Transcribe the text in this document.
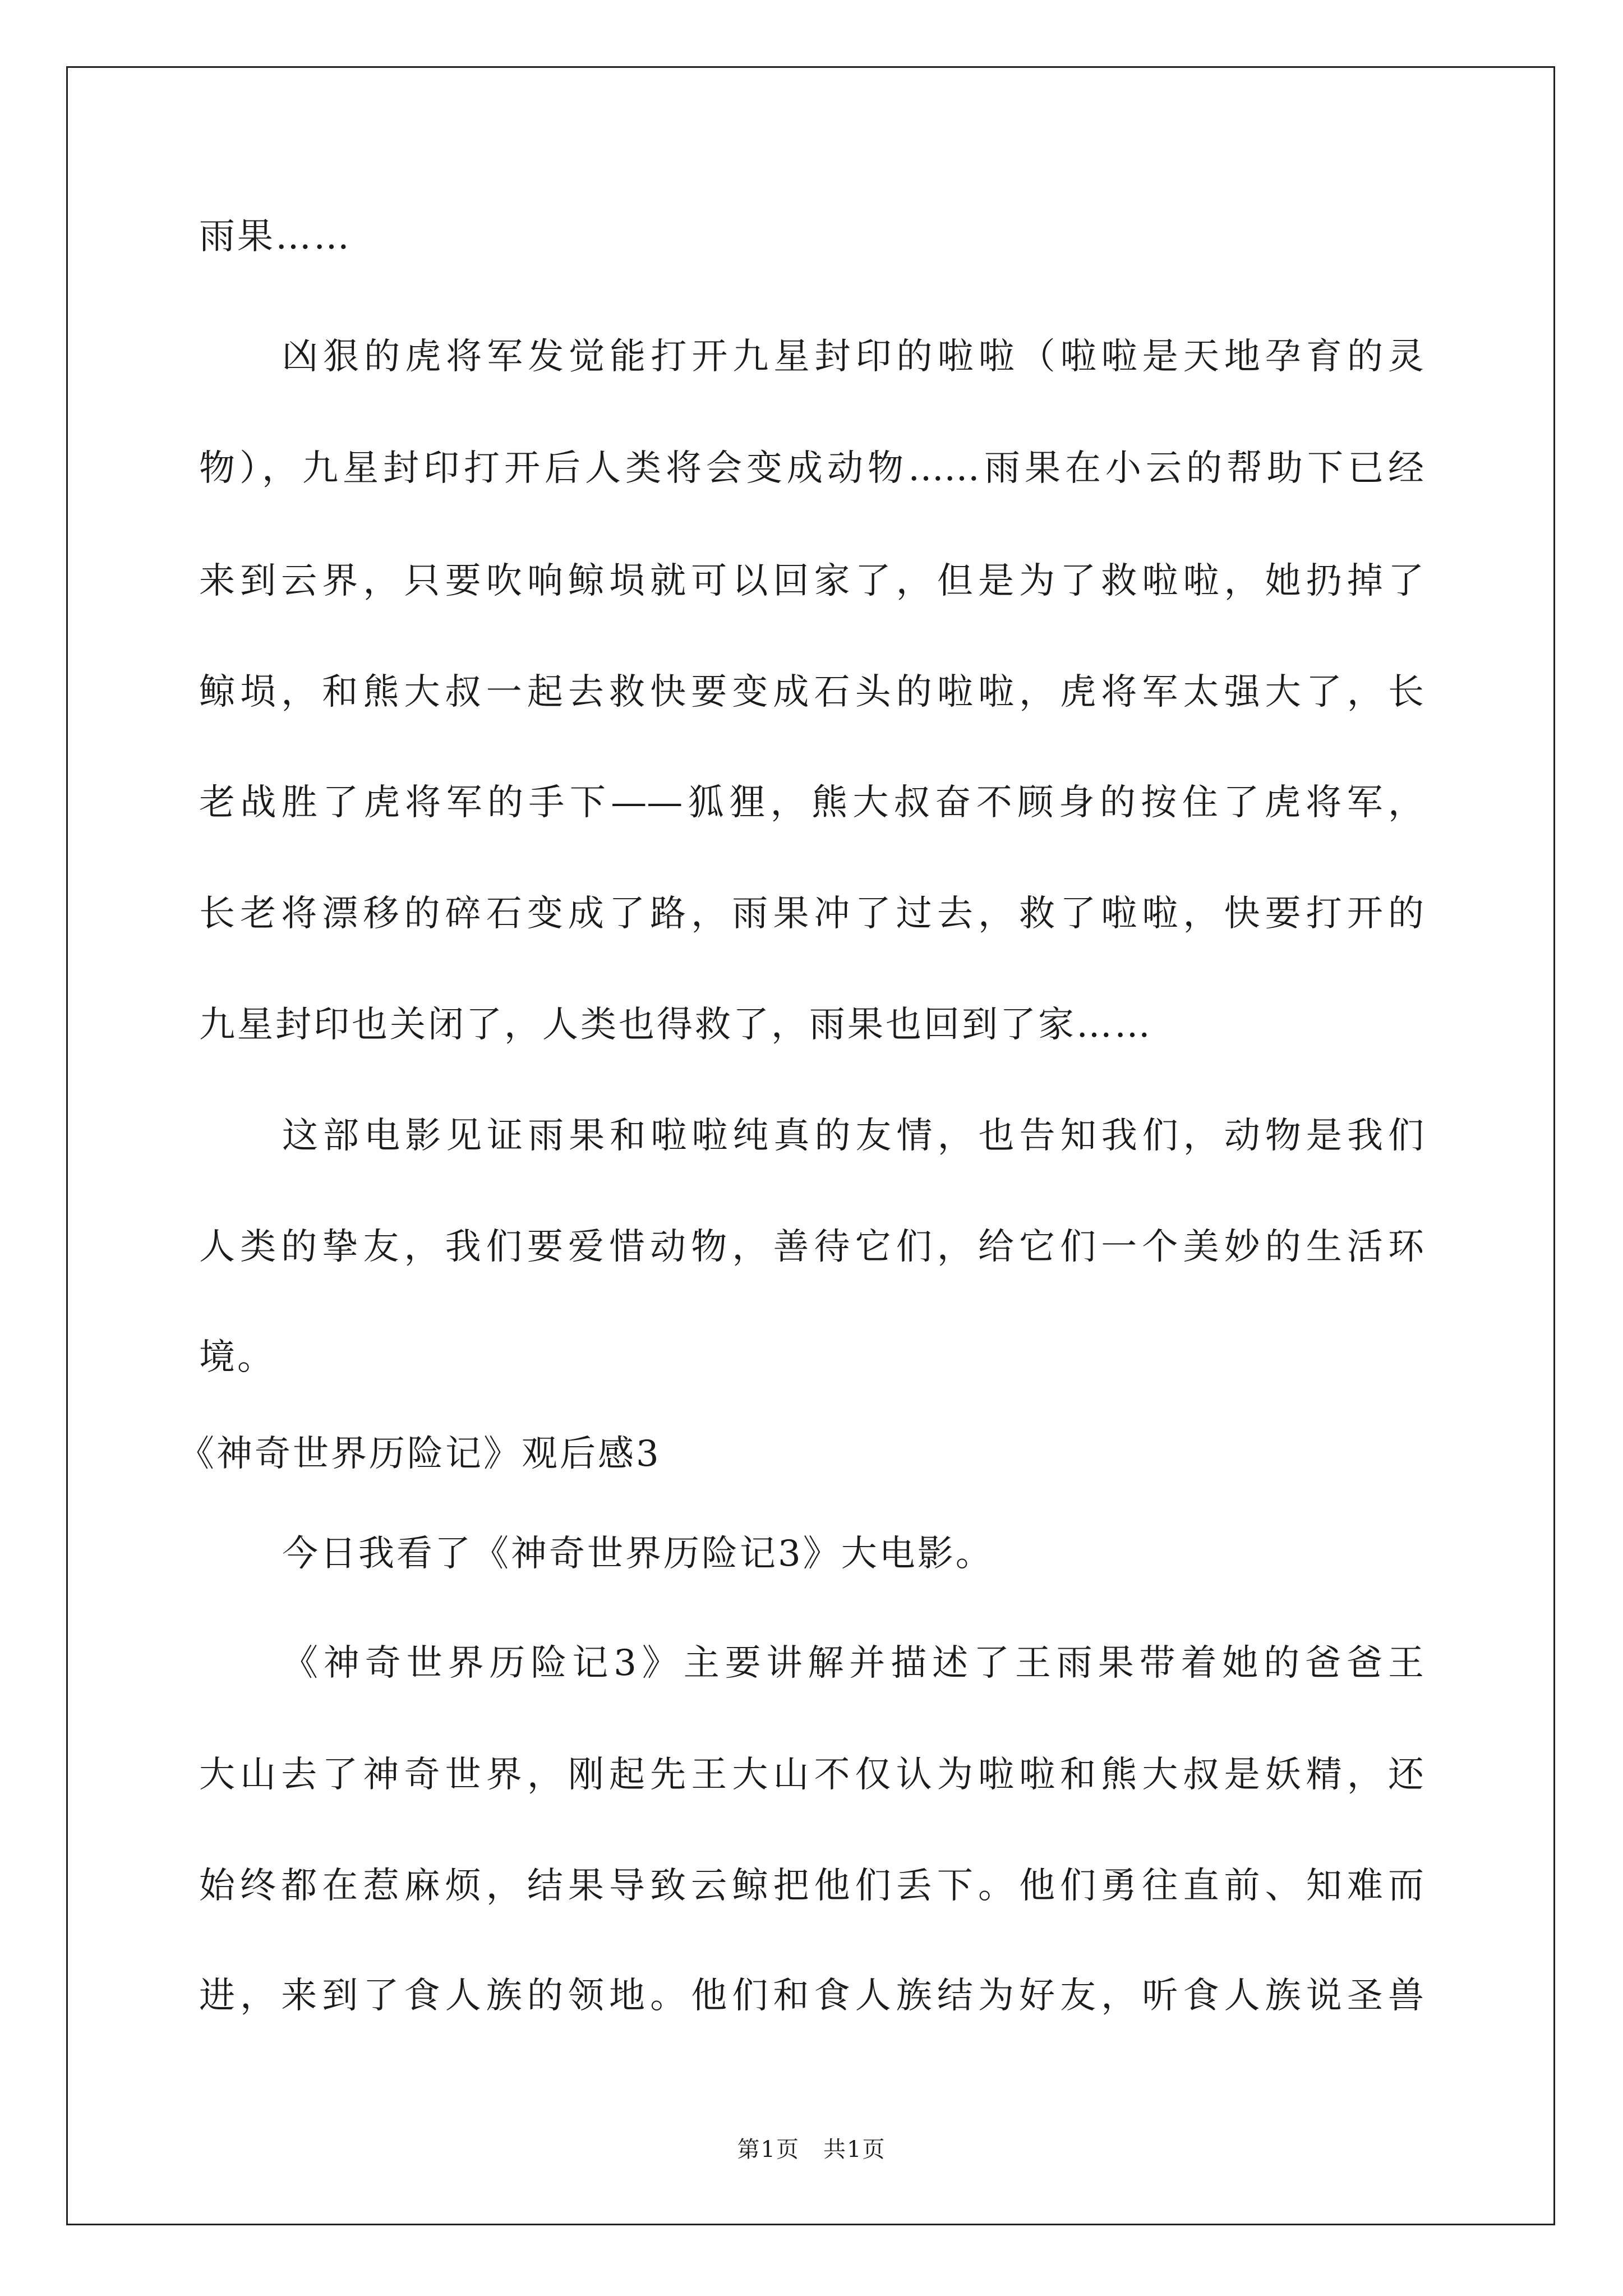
雨果……
凶狠的虎将军发觉能打开九星封印的啦啦（啦啦是天地孕育的灵
物），九星封印打开后人类将会变成动物……雨果在小云的帮助下已经
来到云界，只要吹响鲸埙就可以回家了，但是为了救啦啦，她扔掉了
鲸埙，和熊大叔一起去救快要变成石头的啦啦，虎将军太强大了，长
老战胜了虎将军的手下——狐狸，熊大叔奋不顾身的按住了虎将军，
长老将漂移的碎石变成了路，雨果冲了过去，救了啦啦，快要打开的
九星封印也关闭了，人类也得救了，雨果也回到了家……
这部电影见证雨果和啦啦纯真的友情，也告知我们，动物是我们
人类的挚友，我们要爱惜动物，善待它们，给它们一个美妙的生活环
境。
《神奇世界历险记》观后感3
今日我看了《神奇世界历险记3》大电影。
《神奇世界历险记3》主要讲解并描述了王雨果带着她的爸爸王
大山去了神奇世界，刚起先王大山不仅认为啦啦和熊大叔是妖精，还
始终都在惹麻烦，结果导致云鲸把他们丢下。他们勇往直前、知难而
进，来到了食人族的领地。他们和食人族结为好友，听食人族说圣兽
第1页　共1页
